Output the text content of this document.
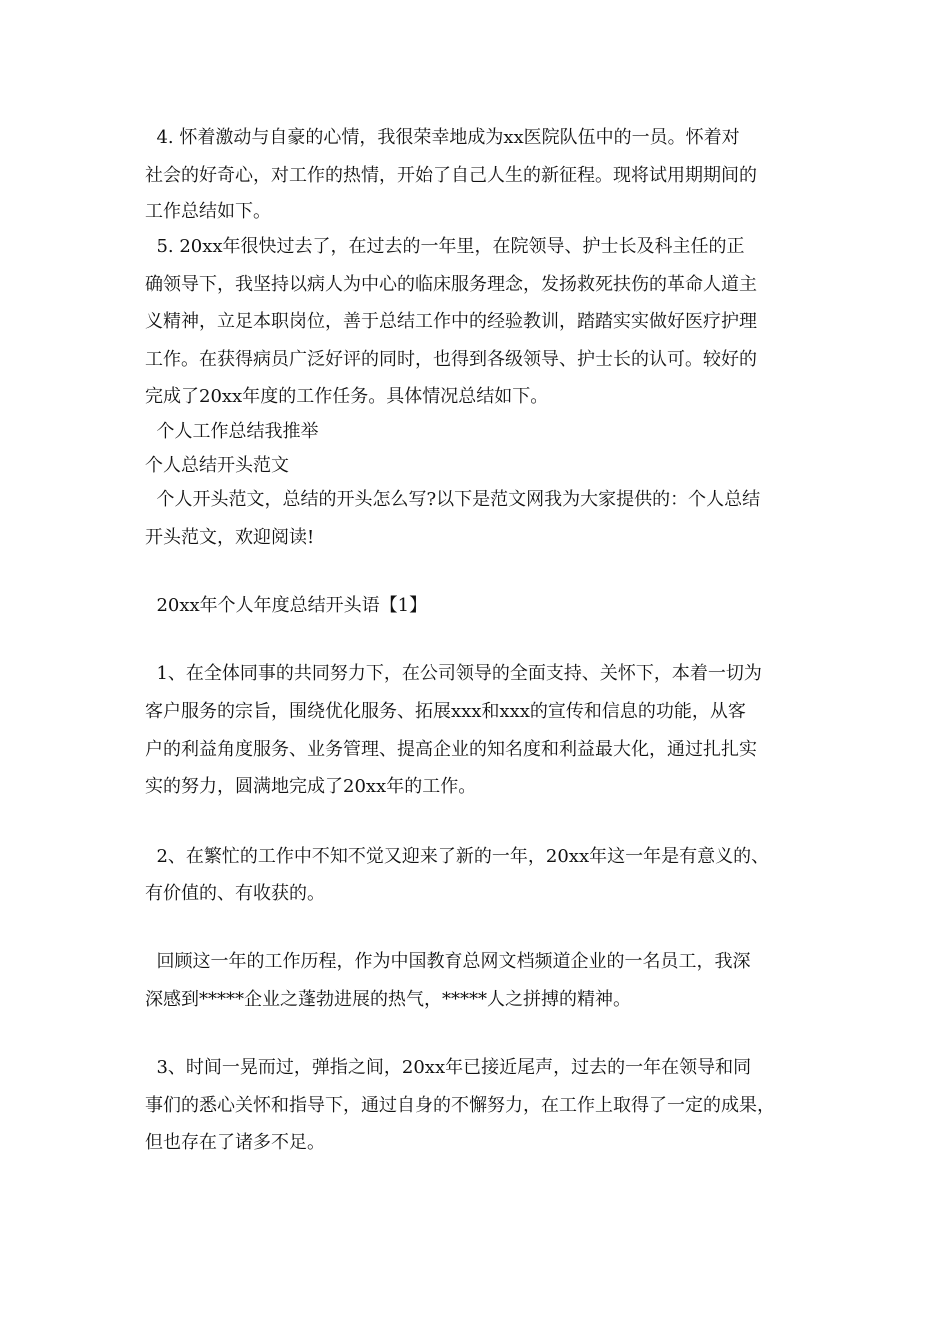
4. 怀着激动与自豪的心情，我很荣幸地成为xx医院队伍中的一员。怀着对

社会的好奇心，对工作的热情，开始了自己人生的新征程。现将试用期期间的

工作总结如下。

5. 20xx年很快过去了，在过去的一年里，在院领导、护士长及科主任的正

确领导下，我坚持以病人为中心的临床服务理念，发扬救死扶伤的革命人道主

义精神，立足本职岗位，善于总结工作中的经验教训，踏踏实实做好医疗护理

工作。在获得病员广泛好评的同时，也得到各级领导、护士长的认可。较好的

完成了20xx年度的工作任务。具体情况总结如下。

个人工作总结我推举

个人总结开头范文

个人开头范文，总结的开头怎么写?以下是范文网我为大家提供的：个人总结

开头范文，欢迎阅读!

20xx年个人年度总结开头语【1】

1、在全体同事的共同努力下，在公司领导的全面支持、关怀下，本着一切为

客户服务的宗旨，围绕优化服务、拓展xxx和xxx的宣传和信息的功能，从客

户的利益角度服务、业务管理、提高企业的知名度和利益最大化，通过扎扎实

实的努力，圆满地完成了20xx年的工作。

2、在繁忙的工作中不知不觉又迎来了新的一年，20xx年这一年是有意义的、

有价值的、有收获的。

回顾这一年的工作历程，作为中国教育总网文档频道企业的一名员工，我深

深感到*****企业之蓬勃进展的热气，*****人之拼搏的精神。

3、时间一晃而过，弹指之间，20xx年已接近尾声，过去的一年在领导和同

事们的悉心关怀和指导下，通过自身的不懈努力，在工作上取得了一定的成果，

但也存在了诸多不足。
